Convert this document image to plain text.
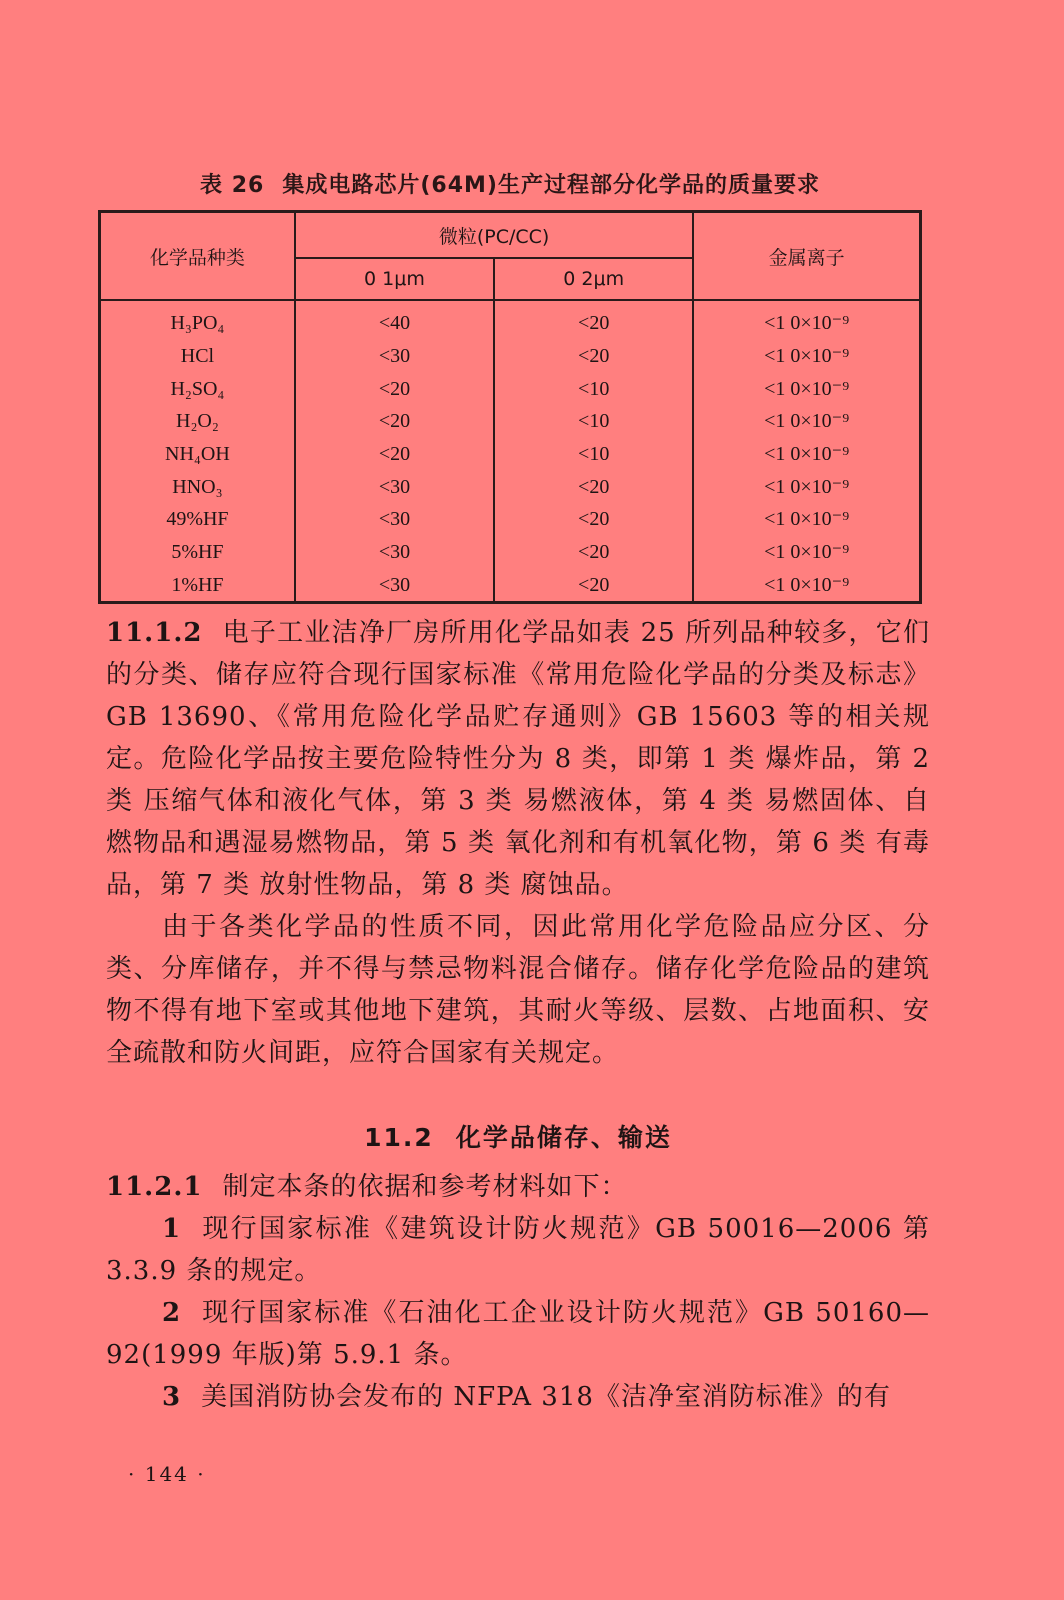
表 26 集成电路芯片(64M)生产过程部分化学品的质量要求
化学品种类	微粒(PC/CC)		金属离子
	0 1μm	0 2μm	
H₃PO₄	<40	<20	<1 0×10⁻⁹
HCl	<30	<20	<1 0×10⁻⁹
H₂SO₄	<20	<10	<1 0×10⁻⁹
H₂O₂	<20	<10	<1 0×10⁻⁹
NH₄OH	<20	<10	<1 0×10⁻⁹
HNO₃	<30	<20	<1 0×10⁻⁹
49%HF	<30	<20	<1 0×10⁻⁹
5%HF	<30	<20	<1 0×10⁻⁹
1%HF	<30	<20	<1 0×10⁻⁹
11.1.2 电子工业洁净厂房所用化学品如表 25 所列品种较多，它们的分类、储存应符合现行国家标准《常用危险化学品的分类及标志》GB 13690、《常用危险化学品贮存通则》GB 15603 等的相关规定。危险化学品按主要危险特性分为 8 类，即第 1 类 爆炸品，第 2 类 压缩气体和液化气体，第 3 类 易燃液体，第 4 类 易燃固体、自燃物品和遇湿易燃物品，第 5 类 氧化剂和有机氧化物，第 6 类 有毒品，第 7 类 放射性物品，第 8 类 腐蚀品。
由于各类化学品的性质不同，因此常用化学危险品应分区、分类、分库储存，并不得与禁忌物料混合储存。储存化学危险品的建筑物不得有地下室或其他地下建筑，其耐火等级、层数、占地面积、安全疏散和防火间距，应符合国家有关规定。
11.2 化学品储存、输送
11.2.1 制定本条的依据和参考材料如下：
1 现行国家标准《建筑设计防火规范》GB 50016—2006 第 3.3.9 条的规定。
2 现行国家标准《石油化工企业设计防火规范》GB 50160—92(1999 年版)第 5.9.1 条。
3 美国消防协会发布的 NFPA 318《洁净室消防标准》的有
· 144 ·
